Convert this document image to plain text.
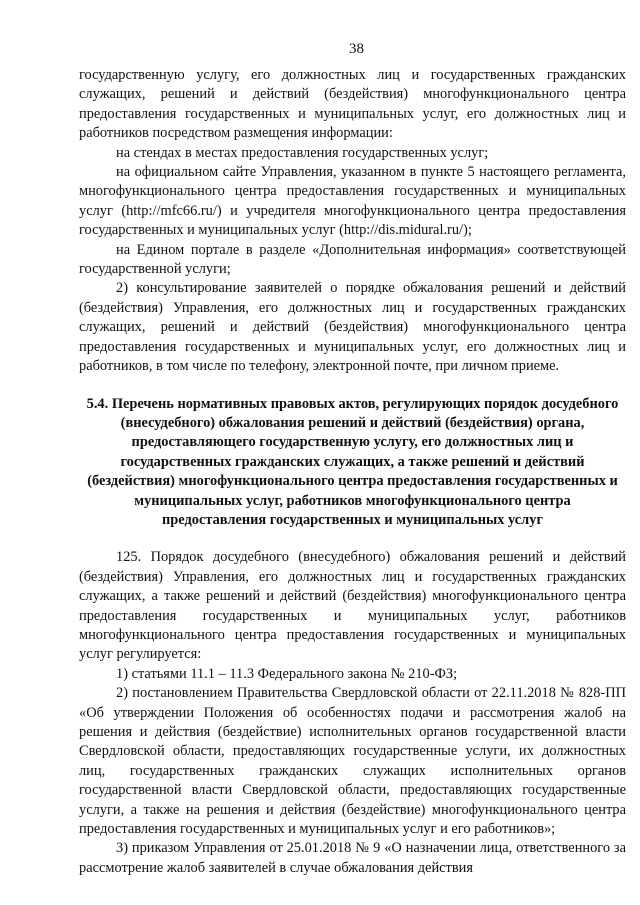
38

государственную услугу, его должностных лиц и государственных гражданских служащих, решений и действий (бездействия) многофункционального центра предоставления государственных и муниципальных услуг, его должностных лиц и работников посредством размещения информации:

на стендах в местах предоставления государственных услуг;

на официальном сайте Управления, указанном в пункте 5 настоящего регламента, многофункционального центра предоставления государственных и муниципальных услуг (http://mfc66.ru/) и учредителя многофункционального центра предоставления государственных и муниципальных услуг (http://dis.midural.ru/);

на Едином портале в разделе «Дополнительная информация» соответствующей государственной услуги;

2) консультирование заявителей о порядке обжалования решений и действий (бездействия) Управления, его должностных лиц и государственных гражданских служащих, решений и действий (бездействия) многофункционального центра предоставления государственных и муниципальных услуг, его должностных лиц и работников, в том числе по телефону, электронной почте, при личном приеме.

5.4. Перечень нормативных правовых актов, регулирующих порядок досудебного (внесудебного) обжалования решений и действий (бездействия) органа, предоставляющего государственную услугу, его должностных лиц и государственных гражданских служащих, а также решений и действий (бездействия) многофункционального центра предоставления государственных и муниципальных услуг, работников многофункционального центра предоставления государственных и муниципальных услуг

125. Порядок досудебного (внесудебного) обжалования решений и действий (бездействия) Управления, его должностных лиц и государственных гражданских служащих, а также решений и действий (бездействия) многофункционального центра предоставления государственных и муниципальных услуг, работников многофункционального центра предоставления государственных и муниципальных услуг регулируется:

1) статьями 11.1 – 11.3 Федерального закона № 210-ФЗ;

2) постановлением Правительства Свердловской области от 22.11.2018 № 828-ПП «Об утверждении Положения об особенностях подачи и рассмотрения жалоб на решения и действия (бездействие) исполнительных органов государственной власти Свердловской области, предоставляющих государственные услуги, их должностных лиц, государственных гражданских служащих исполнительных органов государственной власти Свердловской области, предоставляющих государственные услуги, а также на решения и действия (бездействие) многофункционального центра предоставления государственных и муниципальных услуг и его работников»;

3) приказом Управления от 25.01.2018 № 9 «О назначении лица, ответственного за рассмотрение жалоб заявителей в случае обжалования действия
